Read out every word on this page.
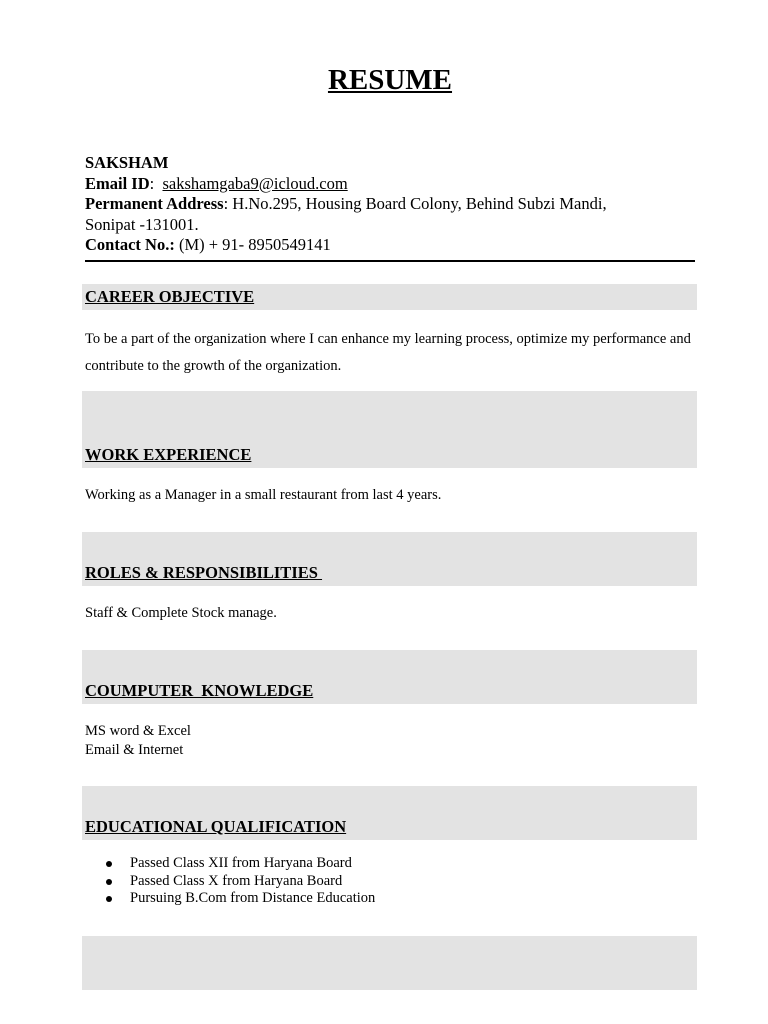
RESUME
SAKSHAM
Email ID:  sakshamgaba9@icloud.com
Permanent Address: H.No.295, Housing Board Colony, Behind Subzi Mandi,
Sonipat -131001.
Contact No.: (M) + 91- 8950549141
CAREER OBJECTIVE

To be a part of the organization where I can enhance my learning process, optimize my performance and contribute to the growth of the organization.

WORK EXPERIENCE

Working as a Manager in a small restaurant from last 4 years.

ROLES & RESPONSIBILITIES

Staff & Complete Stock manage.

COUMPUTER  KNOWLEDGE
MS word & Excel
Email & Internet
EDUCATIONAL QUALIFICATION
Passed Class XII from Haryana Board
Passed Class X from Haryana Board
Pursuing B.Com from Distance Education
